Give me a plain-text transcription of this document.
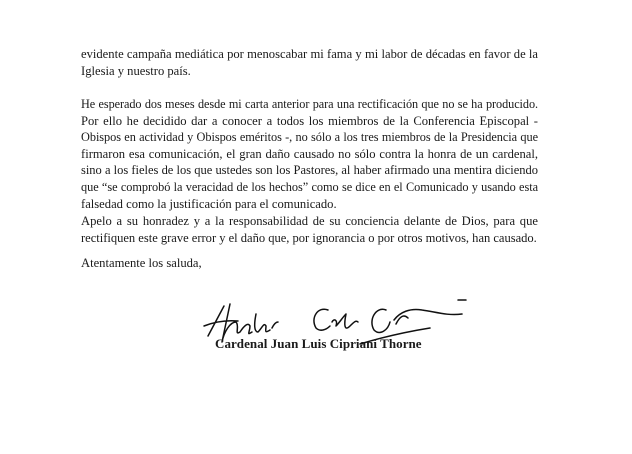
evidente campaña mediática por menoscabar mi fama y mi labor de décadas en favor de la
Iglesia y nuestro país.
He esperado dos meses desde mi carta anterior para una rectificación que no se ha producido.
Por ello he decidido dar a conocer a todos los miembros de la Conferencia Episcopal -
Obispos en actividad y Obispos eméritos -, no sólo a los tres miembros de la Presidencia que
firmaron esa comunicación, el gran daño causado no sólo contra la honra de un cardenal,
sino a los fieles de los que ustedes son los Pastores, al haber afirmado una mentira diciendo
que “se comprobó la veracidad de los hechos” como se dice en el Comunicado y usando esta
falsedad como la justificación para el comunicado.
Apelo a su honradez y a la responsabilidad de su conciencia delante de Dios, para que
rectifiquen este grave error y el daño que, por ignorancia o por otros motivos, han causado.

Atentamente los saluda,

Cardenal Juan Luis Cipriani Thorne
